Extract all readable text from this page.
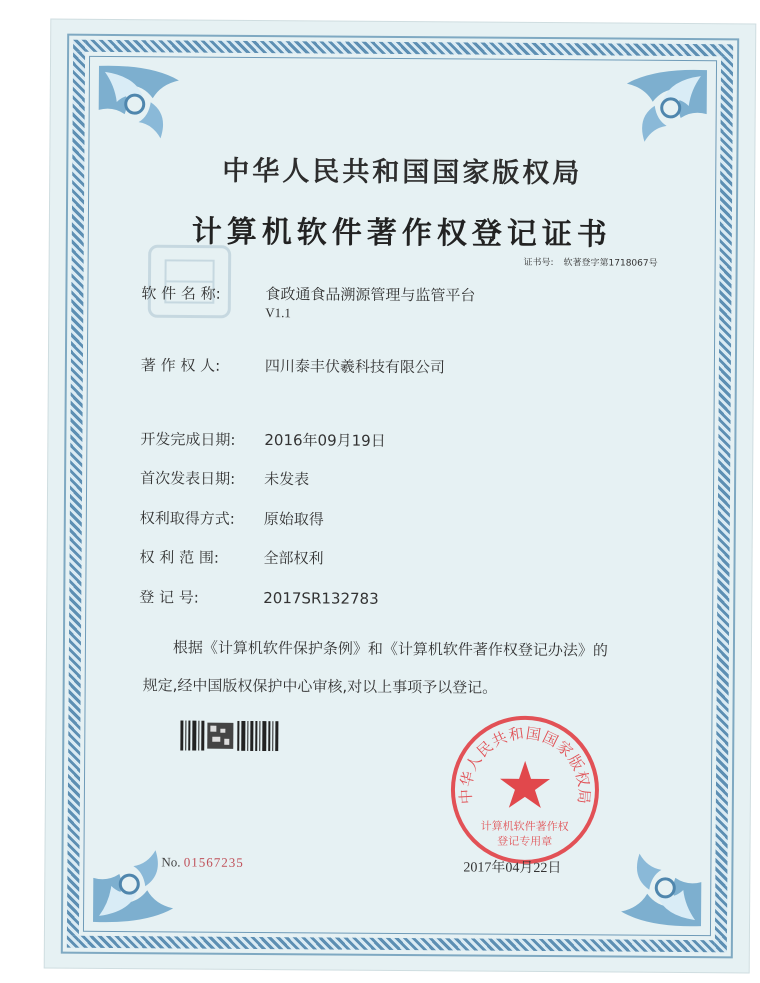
中华人民共和国国家版权局
计算机软件著作权登记证书
证书号: 软著登字第1718067号
软 件 名 称:	食政通食品溯源管理与监管平台
V1.1
著 作 权 人:	四川泰丰伏羲科技有限公司
开发完成日期: 2016年09月19日
首次发表日期: 未发表
权利取得方式: 原始取得
权 利 范 围:	全部权利
登 记 号:	2017SR132783
根据《计算机软件保护条例》和《计算机软件著作权登记办法》的
规定,经中国版权保护中心审核,对以上事项予以登记。
No. 01567235
中华人民共和国国家版权局
计算机软件著作权
登记专用章
2017年04月22日
